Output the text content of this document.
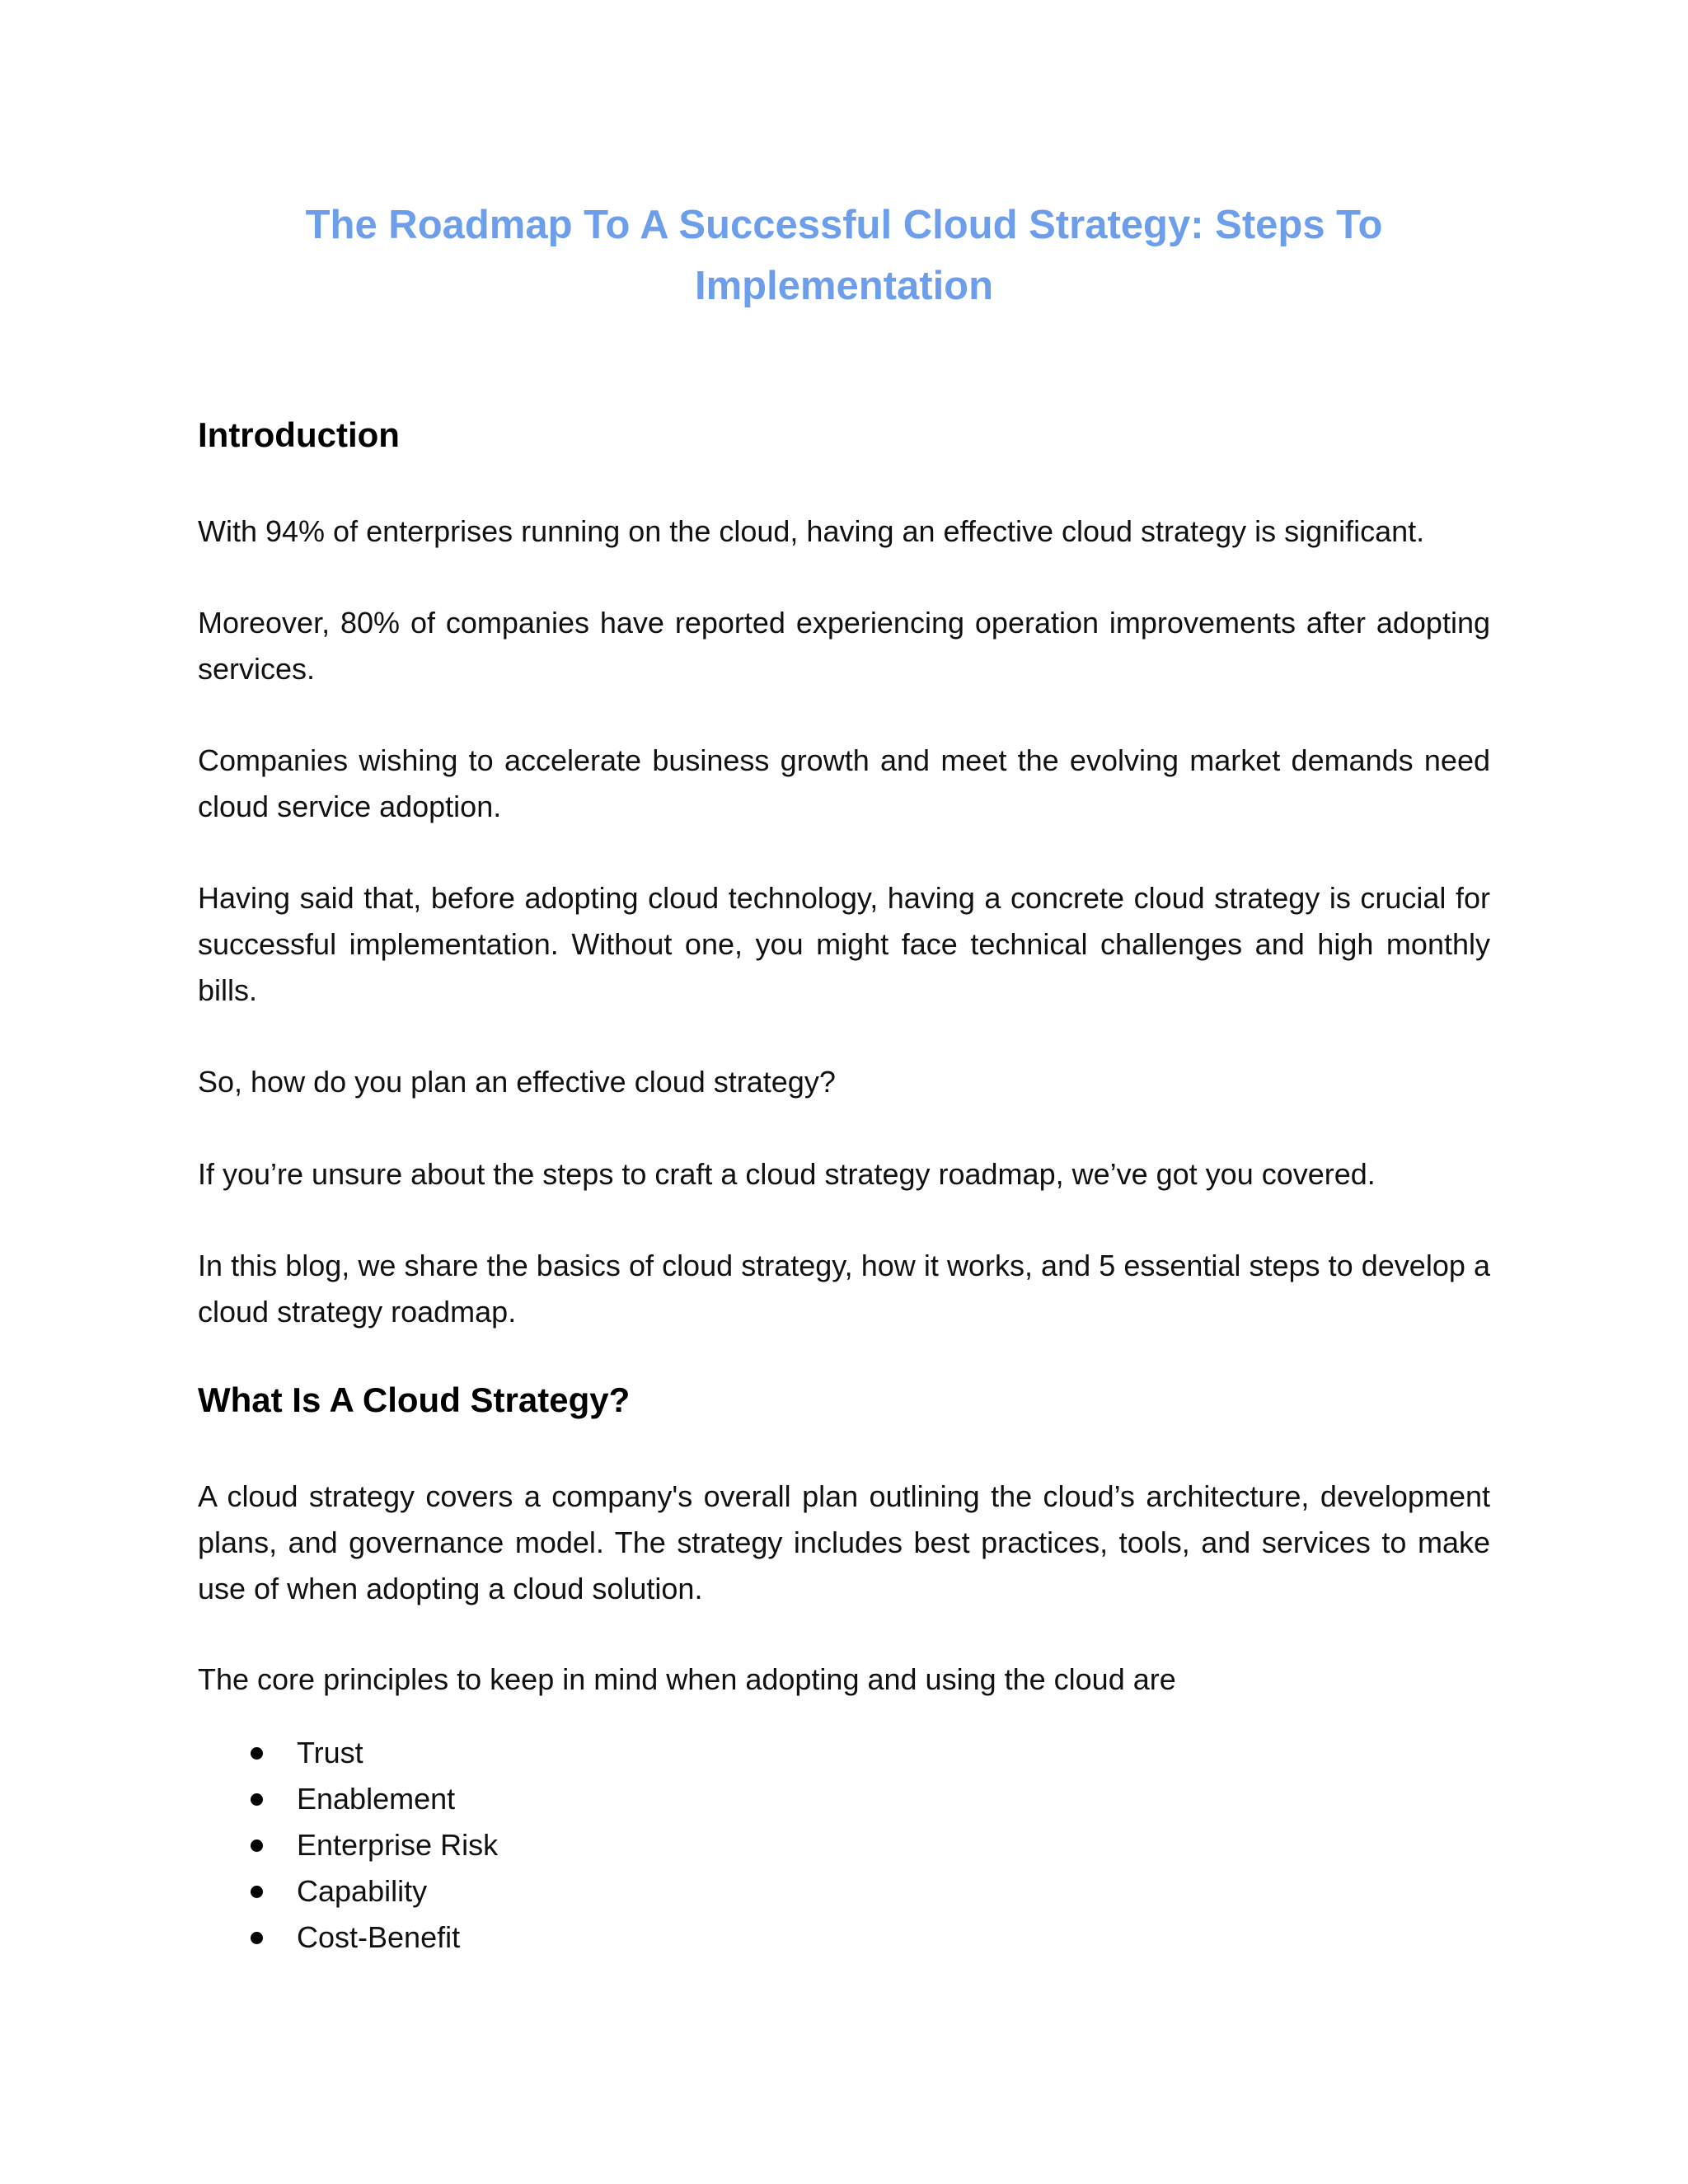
The Roadmap To A Successful Cloud Strategy: Steps To
Implementation
Introduction

With 94% of enterprises running on the cloud, having an effective cloud strategy is significant.

Moreover, 80% of companies have reported experiencing operation improvements after adopting services.

Companies wishing to accelerate business growth and meet the evolving market demands need cloud service adoption.

Having said that, before adopting cloud technology, having a concrete cloud strategy is crucial for successful implementation. Without one, you might face technical challenges and high monthly bills.

So, how do you plan an effective cloud strategy?

If you’re unsure about the steps to craft a cloud strategy roadmap, we’ve got you covered.

In this blog, we share the basics of cloud strategy, how it works, and 5 essential steps to develop a cloud strategy roadmap.

What Is A Cloud Strategy?

A cloud strategy covers a company's overall plan outlining the cloud’s architecture, development plans, and governance model. The strategy includes best practices, tools, and services to make use of when adopting a cloud solution.

The core principles to keep in mind when adopting and using the cloud are

Trust
Enablement
Enterprise Risk
Capability
Cost-Benefit
